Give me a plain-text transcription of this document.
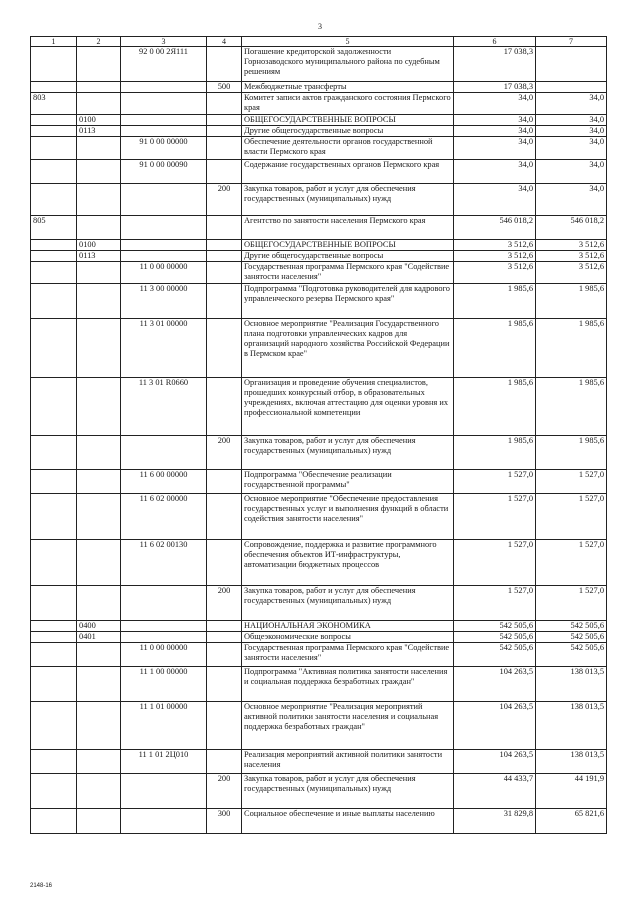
3
1	2	3	4	5	6	7
		92 0 00 2Я111		Погашение кредиторской задолженности Горнозаводского муниципального района по судебным решениям	17 038,3	
			500	Межбюджетные трансферты	17 038,3	
803				Комитет записи актов гражданского состояния Пермского края	34,0	34,0
	0100			ОБЩЕГОСУДАРСТВЕННЫЕ ВОПРОСЫ	34,0	34,0
	0113			Другие общегосударственные вопросы	34,0	34,0
		91 0 00 00000		Обеспечение деятельности органов государственной власти Пермского края	34,0	34,0
		91 0 00 00090		Содержание государственных органов Пермского края	34,0	34,0
			200	Закупка товаров, работ и услуг для обеспечения государственных (муниципальных) нужд	34,0	34,0
805				Агентство по занятости населения Пермского края	546 018,2	546 018,2
	0100			ОБЩЕГОСУДАРСТВЕННЫЕ ВОПРОСЫ	3 512,6	3 512,6
	0113			Другие общегосударственные вопросы	3 512,6	3 512,6
		11 0 00 00000		Государственная программа Пермского края "Содействие занятости населения"	3 512,6	3 512,6
		11 3 00 00000		Подпрограмма "Подготовка руководителей для кадрового управленческого резерва Пермского края"	1 985,6	1 985,6
		11 3 01 00000		Основное мероприятие "Реализация Государственного плана подготовки управленческих кадров для организаций народного хозяйства Российской Федерации в Пермском крае"	1 985,6	1 985,6
		11 3 01 R0660		Организация и проведение обучения специалистов, прошедших конкурсный отбор, в образовательных учреждениях, включая аттестацию для оценки уровня их профессиональной компетенции	1 985,6	1 985,6
			200	Закупка товаров, работ и услуг для обеспечения государственных (муниципальных) нужд	1 985,6	1 985,6
		11 6 00 00000		Подпрограмма "Обеспечение реализации государственной программы"	1 527,0	1 527,0
		11 6 02 00000		Основное мероприятие "Обеспечение предоставления государственных услуг и выполнения функций в области содействия занятости населения"	1 527,0	1 527,0
		11 6 02 00130		Сопровождение, поддержка и развитие программного обеспечения объектов ИТ-инфраструктуры, автоматизации бюджетных процессов	1 527,0	1 527,0
			200	Закупка товаров, работ и услуг для обеспечения государственных (муниципальных) нужд	1 527,0	1 527,0
	0400			НАЦИОНАЛЬНАЯ ЭКОНОМИКА	542 505,6	542 505,6
	0401			Общеэкономические вопросы	542 505,6	542 505,6
		11 0 00 00000		Государственная программа Пермского края "Содействие занятости населения"	542 505,6	542 505,6
		11 1 00 00000		Подпрограмма "Активная политика занятости населения и социальная поддержка безработных граждан"	104 263,5	138 013,5
		11 1 01 00000		Основное мероприятие "Реализация мероприятий активной политики занятости населения и социальная поддержка безработных граждан"	104 263,5	138 013,5
		11 1 01 2Ц010		Реализация мероприятий активной политики занятости населения	104 263,5	138 013,5
			200	Закупка товаров, работ и услуг для обеспечения государственных (муниципальных) нужд	44 433,7	44 191,9
			300	Социальное обеспечение и иные выплаты населению	31 829,8	65 821,6
2148-16
